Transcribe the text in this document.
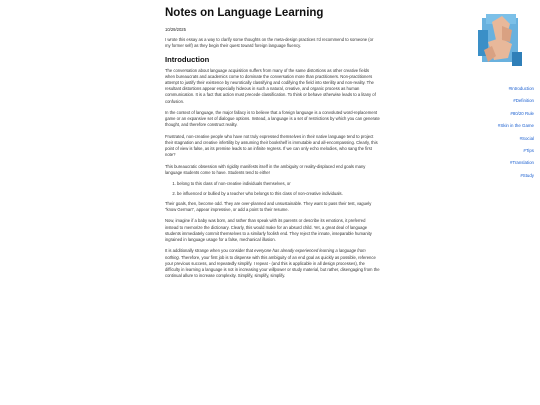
Notes on Language Learning
10/29/2025

I wrote this essay as a way to clarify some thoughts on the meta-design practices I'd recommend to someone (or my former self) as they begin their quest toward foreign language fluency.

Introduction

The conversation about language acquisition suffers from many of the same distortions as other creative fields when bureaucrats and academics come to dominate the conversation more than practitioners. Non-practitioners attempt to justify their existence by neurotically classifying and codifying the field into sterility and non-reality. The resultant distortions appear especially hideous in such a natural, creative, and organic process as human communication. It is a fact that action must precede classification. To think or behave otherwise leads to a litany of confusion.

In the context of language, the major fallacy is to believe that a foreign language is a convoluted word-replacement game or an expansive set of dialogue options. Instead, a language is a set of restrictions by which you can generate thought, and therefore construct reality.

Frustrated, non-creative people who have not truly expressed themselves in their native language tend to project their stagnation and creative infertility by assuming their bookshelf is immutable and all-encompassing. Clearly, this point of view is false, as its premise leads to an infinite regress. If we can only echo melodies, who sang the first note?

This bureaucratic obsession with rigidity manifests itself in the ambiguity or reality-displaced end goals many language students come to have. Students tend to either

1. belong to this class of non-creative individuals themselves, or
2. be influenced or bullied by a teacher who belongs to this class of non-creative individuals.

Their goals, then, become odd. They are over-planned and unsustainable. They want to pass their test, vaguely "know German", appear impressive, or add a point to their resume.

Now, imagine if a baby was born, and rather than speak with its parents or describe its emotions, it preferred instead to memorize the dictionary. Clearly, this would make for an absurd child. Yet, a great deal of language students immediately commit themselves to a similarly foolish end. They reject the innate, inseparable humanity ingrained in language usage for a false, mechanical illusion.

It is additionally strange when you consider that everyone has already experienced learning a language from nothing. Therefore, your first job is to dispense with this ambiguity of an end goal as quickly as possible, reference your previous success, and repeatedly simplify. I repeat - (and this is applicable in all design processes), the difficulty in learning a language is not in increasing your willpower or study material, but rather, disengaging from the continual allure to increase complexity. Simplify, simplify, simplify.

#Introduction
#Definition
#80/20 Rule
#Skin in the Game
#Social
#Tips
#Translation
#Study
